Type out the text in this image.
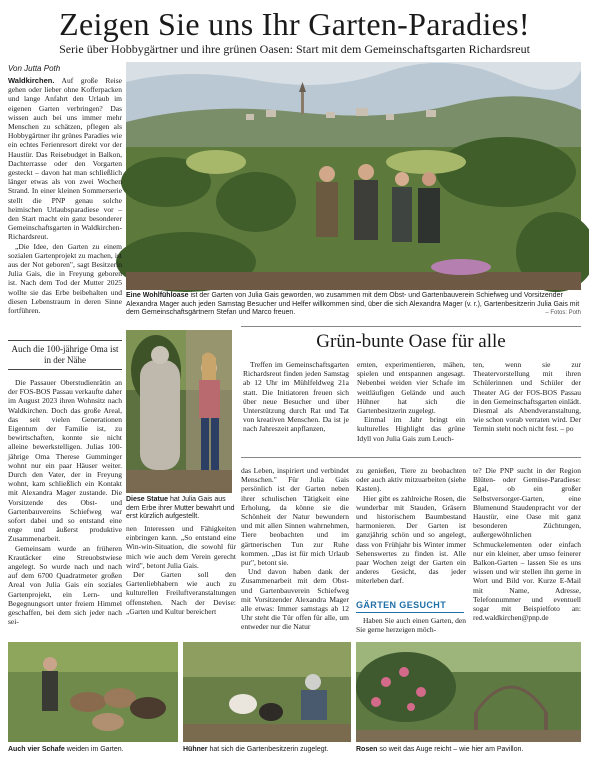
Zeigen Sie uns Ihr Garten-Paradies!
Serie über Hobbygärtner und ihre grünen Oasen: Start mit dem Gemeinschaftsgarten Richardsreut
Von Jutta Poth
Eine Wohlfühloase ist der Garten von Julia Gais geworden, wo zusammen mit dem Obst- und Gartenbauverein Schiefweg und Vorsitzender Alexandra Mager auch jeden Samstag Besucher und Helfer willkommen sind, über die sich Alexandra Mager (v. r.), Gartenbesitzerin Julia Gais mit dem Gemeinschaftsgärtnern Stefan und Marco freuen.	– Fotos: Poth

Waldkirchen. Auf große Reise gehen oder lieber ohne Kofferpacken und lange Anfahrt den Urlaub im eigenen Garten verbringen? Das wissen auch bei uns immer mehr Menschen zu schätzen, pflegen als Hobbygärtner ihr grünes Paradies wie ein echtes Ferienresort direkt vor der Haustür. Das Reisebudget in Balkon, Dachterrasse oder den Vorgarten gesteckt – davon hat man schließlich länger etwas als von zwei Wochen Strand. In einer kleinen Sommerserie stellt die PNP genau solche heimischen Urlaubsparadiese vor – den Start macht ein ganz besonderer Gemeinschaftsgarten in Waldkirchen-Richardsreut.

„Die Idee, den Garten zu einem sozialen Gartenprojekt zu machen, ist aus der Not geboren", sagt Besitzerin Julia Gais, die in Freyung geboren ist. Nach dem Tod der Mutter 2025 wollte sie das Erbe beibehalten und diesen Lebenstraum in deren Sinne fortführen.

Auch die 100-jährige Oma ist in der Nähe

Die Passauer Oberstudienrätin an der FOS-BOS Passau verkaufte daher im August 2023 ihren Wohnsitz nach Waldkirchen. Doch das große Areal, das seit vielen Generationen Eigentum der Familie ist, zu bewirtschaften, konnte sie nicht alleine bewerkstelligen. Julias 100-jährige Oma Therese Gumminger wohnt nur ein paar Häuser weiter. Durch den Vater, der in Freyung wohnt, kam schließlich ein Kontakt mit Alexandra Mager zustande. Die Vorsitzende des Obst- und Gartenbauvereins Schiefweg war sofort dabei und so entstand eine enge und äußerst produktive Zusammenarbeit.

Gemeinsam wurde an früheren Krautäcker eine Streuobstwiese angelegt. So wurde nach und nach auf dem 6700 Quadratmeter großen Areal von Julia Gais ein soziales Gartenprojekt, ein Lern- und Begegnungsort unter freiem Himmel geschaffen, bei dem sich jeder nach sei-

Diese Statue hat Julia Gais aus dem Erbe ihrer Mutter bewahrt und erst kürzlich aufgestellt.

nen Interessen und Fähigkeiten einbringen kann. „So entstand eine Win-win-Situation, die sowohl für mich wie auch dem Verein gerecht wird", betont Julia Gais.

Der Garten soll den Gartenliebhabern wie auch zu kulturellen Freiluftveranstaltungen offenstehen. Nach der Devise: „Garten und Kultur bereichert

Grün-bunte Oase für alle

Treffen im Gemeinschaftsgarten Richardsreut finden jeden Samstag ab 12 Uhr im Mühlfeldweg 21a statt. Die Initiatoren freuen sich über neue Besucher und über Unterstützung durch Rat und Tat von kreativen Menschen. Da ist je nach Jahreszeit anpflanzen,

ernten, experimentieren, mähen, spielen und entspannen angesagt. Nebenbei weiden vier Schafe im weitläufigen Gelände und auch Hühner hat sich die Gartenbesitzerin zugelegt.

Einmal im Jahr bringt ein kulturelles Highlight das grüne Idyll von Julia Gais zum Leuch-

ten, wenn sie zur Theatervorstellung mit ihren Schülerinnen und Schüler der Theater AG der FOS-BOS Passau in den Gemeinschaftsgarten einlädt. Diesmal als Abendveranstaltung, wie schon vorab verraten wird. Der Termin steht noch nicht fest. – po

das Leben, inspiriert und verbindet Menschen." Für Julia Gais persönlich ist der Garten neben ihrer schulischen Tätigkeit eine Erholung, da könne sie die Schönheit der Natur bewundern und mit allen Sinnen wahrnehmen, Tiere beobachten und im gärtnerischen Tun zur Ruhe kommen. „Das ist für mich Urlaub pur", betont sie.

Und davon haben dank der Zusammenarbeit mit dem Obst- und Gartenbauverein Schiefweg mit Vorsitzender Alexandra Mager alle etwas: Immer samstags ab 12 Uhr steht die Tür offen für alle, um entweder nur die Natur

zu genießen, Tiere zu beobachten oder auch aktiv mitzuarbeiten (siehe Kasten).

Hier gibt es zahlreiche Rosen, die wunderbar mit Stauden, Gräsern und historischem Baumbestand harmonieren. Der Garten ist ganzjährig schön und so angelegt, dass von Frühjahr bis Winter immer Sehenswertes zu finden ist. Alle paar Wochen zeigt der Garten ein anderes Gesicht, das jeder miterleben darf.

GÄRTEN GESUCHT

Haben Sie auch einen Garten, den Sie gerne herzeigen möch-

te? Die PNP sucht in der Region Blüten- oder Gemüse-Paradiese: Egal, ob ein großer Selbstversorger-Garten, eine Blumenund Staudenpracht vor der Haustür, eine Oase mit ganz besonderen Züchtungen, außergewöhnlichen Schmuckelementen oder einfach nur ein kleiner, aber umso feinerer Balkon-Garten – lassen Sie es uns wissen und wir stellen ihn gerne in Wort und Bild vor. Kurze E-Mail mit Name, Adresse, Telefonnummer und eventuell sogar mit Beispielfoto an: red.waldkirchen@pnp.de

Auch vier Schafe weiden im Garten.	Hühner hat sich die Gartenbesitzerin zugelegt.	Rosen so weit das Auge reicht – wie hier am Pavillon.
